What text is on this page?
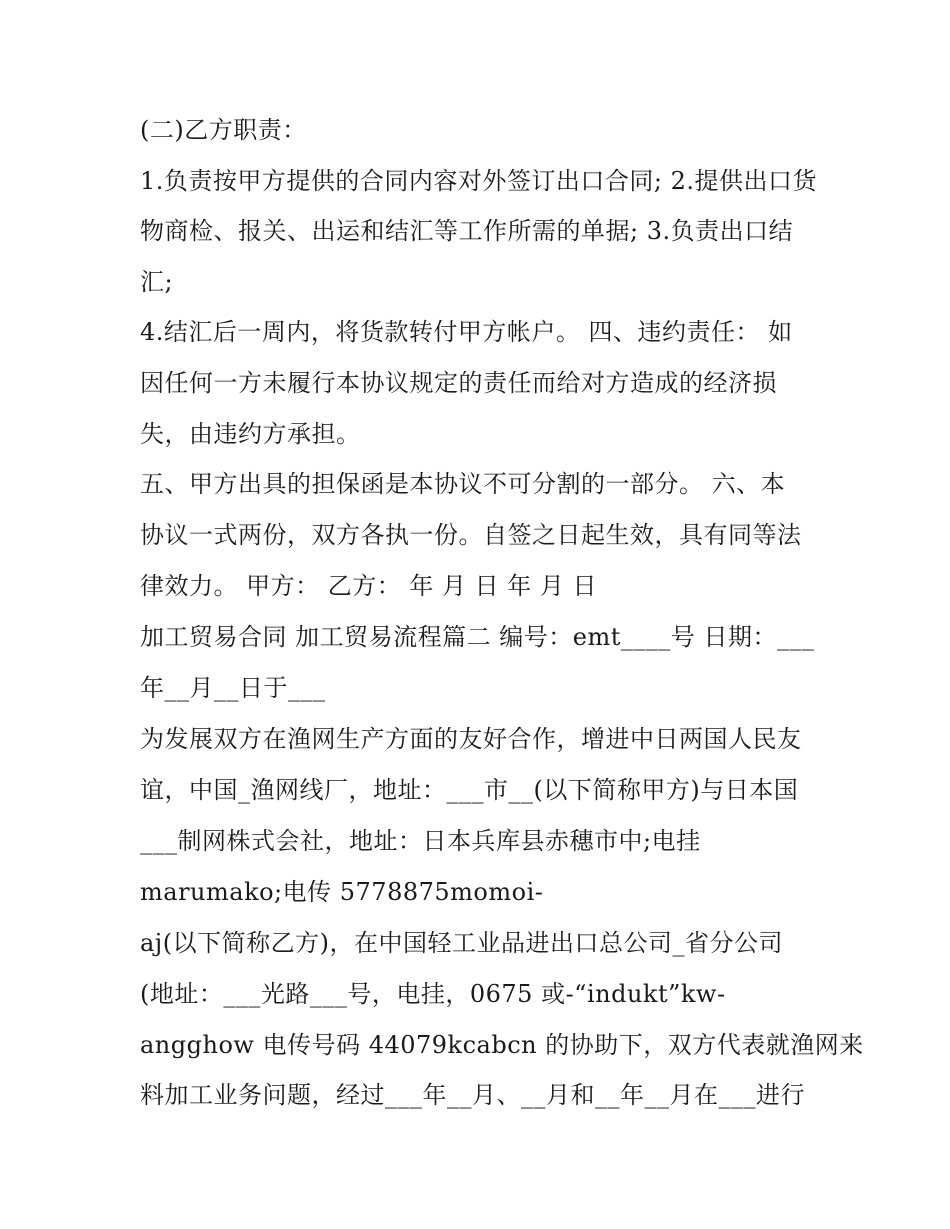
(二)乙方职责：
1.负责按甲方提供的合同内容对外签订出口合同; 2.提供出口货
物商检、报关、出运和结汇等工作所需的单据; 3.负责出口结
汇;
4.结汇后一周内，将货款转付甲方帐户。 四、违约责任： 如
因任何一方未履行本协议规定的责任而给对方造成的经济损
失，由违约方承担。
五、甲方出具的担保函是本协议不可分割的一部分。 六、本
协议一式两份，双方各执一份。自签之日起生效，具有同等法
律效力。 甲方： 乙方： 年 月 日 年 月 日
加工贸易合同 加工贸易流程篇二 编号：emt____号 日期：___
年__月__日于___
为发展双方在渔网生产方面的友好合作，增进中日两国人民友
谊，中国_渔网线厂，地址：___市__(以下简称甲方)与日本国
___制网株式会社，地址：日本兵库县赤穗市中;电挂
marumako;电传 5778875momoi-
aj(以下简称乙方)，在中国轻工业品进出口总公司_省分公司
(地址：___光路___号，电挂，0675 或-“indukt”kw-
angghow 电传号码 44079kcabcn 的协助下，双方代表就渔网来
料加工业务问题，经过___年__月、__月和__年__月在___进行
